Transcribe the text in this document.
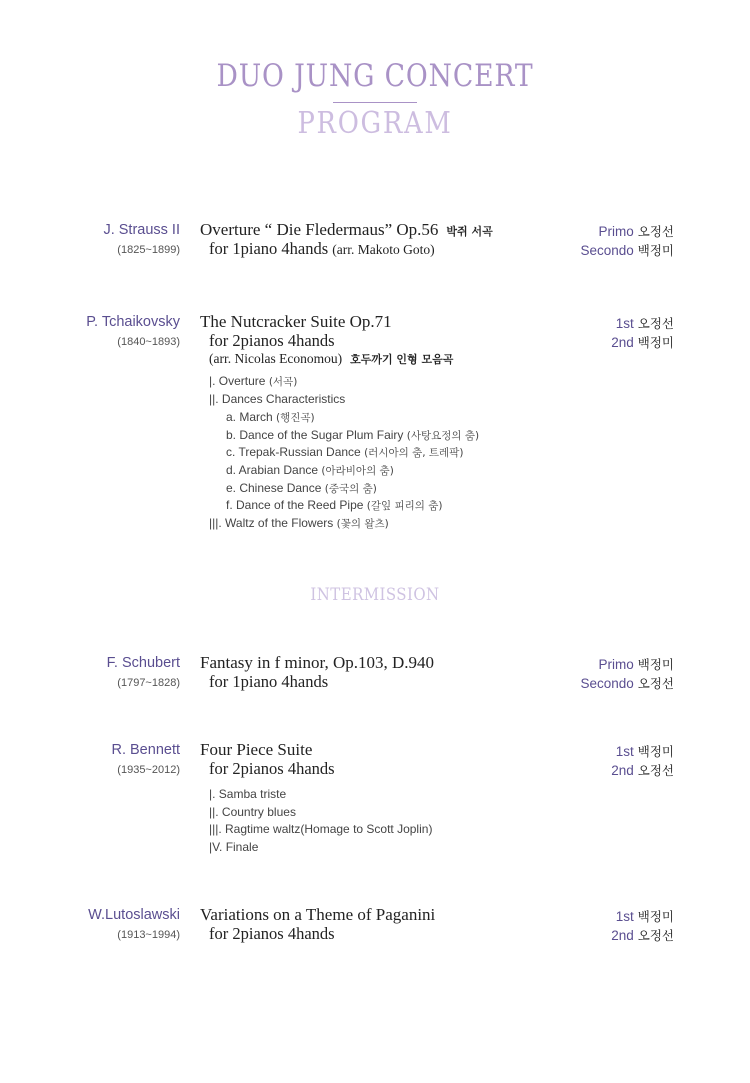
DUO JUNG CONCERT
PROGRAM
J. Strauss II
(1825~1899)
Overture “ Die Fledermaus” Op.56 박쥐 서곡
for 1piano 4hands (arr. Makoto Goto)
Primo 오정선
Secondo 백정미
P. Tchaikovsky
(1840~1893)
The Nutcracker Suite Op.71
for 2pianos 4hands
(arr. Nicolas Economou) 호두까기 인형 모음곡
1st 오정선
2nd 백정미
|. Overture (서곡)
||. Dances Characteristics
a. March (행진곡)
b. Dance of the Sugar Plum Fairy (사탕요정의 춤)
c. Trepak-Russian Dance (러시아의 춤, 트레팍)
d. Arabian Dance (아라비아의 춤)
e. Chinese Dance (중국의 춤)
f. Dance of the Reed Pipe (갈잎 피리의 춤)
|||. Waltz of the Flowers (꽃의 왈츠)
INTERMISSION
F. Schubert
(1797~1828)
Fantasy in f minor, Op.103, D.940
for 1piano 4hands
Primo 백정미
Secondo 오정선
R. Bennett
(1935~2012)
Four Piece Suite
for 2pianos 4hands
1st 백정미
2nd 오정선
|. Samba triste
||. Country blues
|||. Ragtime waltz(Homage to Scott Joplin)
|V. Finale
W.Lutoslawski
(1913~1994)
Variations on a Theme of Paganini
for 2pianos 4hands
1st 백정미
2nd 오정선
